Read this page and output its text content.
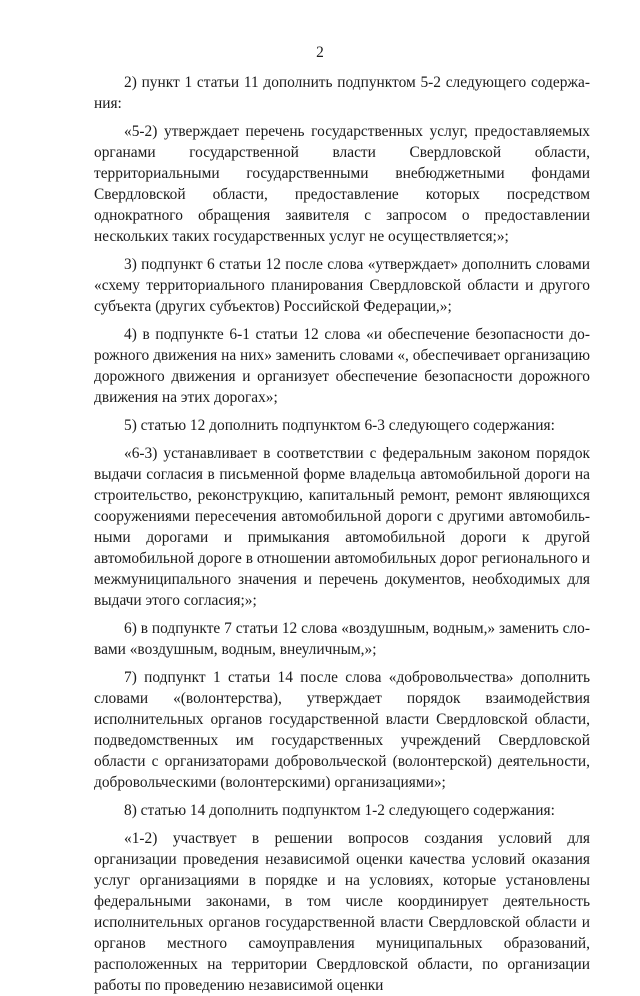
2

2) пункт 1 статьи 11 дополнить подпунктом 5-2 следующего содержания:

«5-2) утверждает перечень государственных услуг, предоставляемых органами государственной власти Свердловской области, территориальными государственными внебюджетными фондами Свердловской области, предоставление которых посредством однократного обращения заявителя с запросом о предоставлении нескольких таких государственных услуг не осуществляется;»;

3) подпункт 6 статьи 12 после слова «утверждает» дополнить словами «схему территориального планирования Свердловской области и другого субъекта (других субъектов) Российской Федерации,»;

4) в подпункте 6-1 статьи 12 слова «и обеспечение безопасности дорожного движения на них» заменить словами «, обеспечивает организацию дорожного движения и организует обеспечение безопасности дорожного движения на этих дорогах»;

5) статью 12 дополнить подпунктом 6-3 следующего содержания:

«6-3) устанавливает в соответствии с федеральным законом порядок выдачи согласия в письменной форме владельца автомобильной дороги на строительство, реконструкцию, капитальный ремонт, ремонт являющихся сооружениями пересечения автомобильной дороги с другими автомобильными дорогами и примыкания автомобильной дороги к другой автомобильной дороге в отношении автомобильных дорог регионального и межмуниципального значения и перечень документов, необходимых для выдачи этого согласия;»;

6) в подпункте 7 статьи 12 слова «воздушным, водным,» заменить словами «воздушным, водным, внеуличным,»;

7) подпункт 1 статьи 14 после слова «добровольчества» дополнить словами «(волонтерства), утверждает порядок взаимодействия исполнительных органов государственной власти Свердловской области, подведомственных им государственных учреждений Свердловской области с организаторами добровольческой (волонтерской) деятельности, добровольческими (волонтерскими) организациями»;

8) статью 14 дополнить подпунктом 1-2 следующего содержания:

«1-2) участвует в решении вопросов создания условий для организации проведения независимой оценки качества условий оказания услуг организациями в порядке и на условиях, которые установлены федеральными законами, в том числе координирует деятельность исполнительных органов государственной власти Свердловской области и органов местного самоуправления муниципальных образований, расположенных на территории Свердловской области, по организации работы по проведению независимой оценки
